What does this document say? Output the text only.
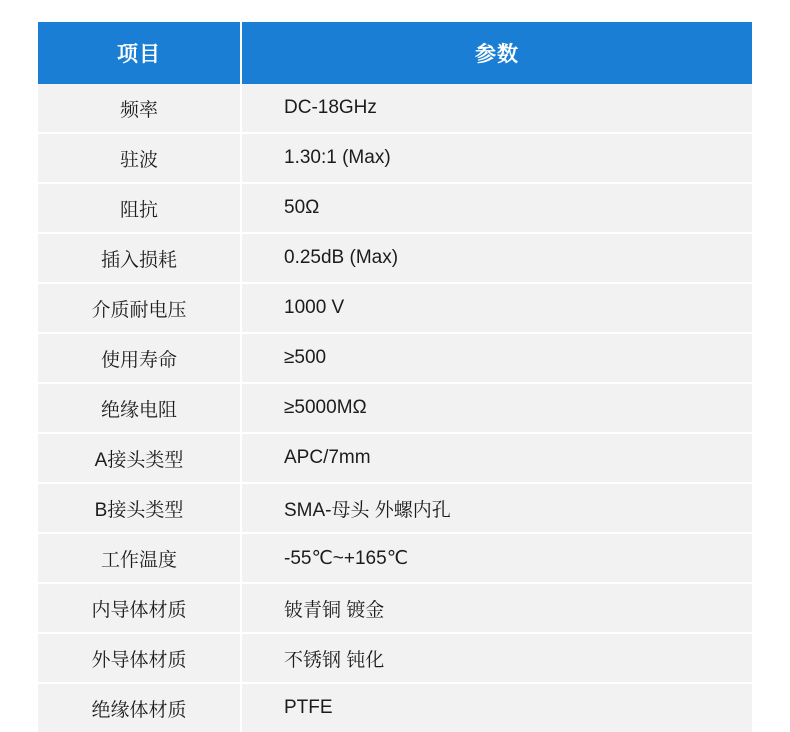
项目	参数
频率	DC-18GHz
驻波	1.30:1 (Max)
阻抗	50Ω
插入损耗	0.25dB (Max)
介质耐电压	1000 V
使用寿命	≥500
绝缘电阻	≥5000MΩ
A接头类型	APC/7mm
B接头类型	SMA-母头 外螺内孔
工作温度	-55℃~+165℃
内导体材质	铍青铜 镀金
外导体材质	不锈钢 钝化
绝缘体材质	PTFE
